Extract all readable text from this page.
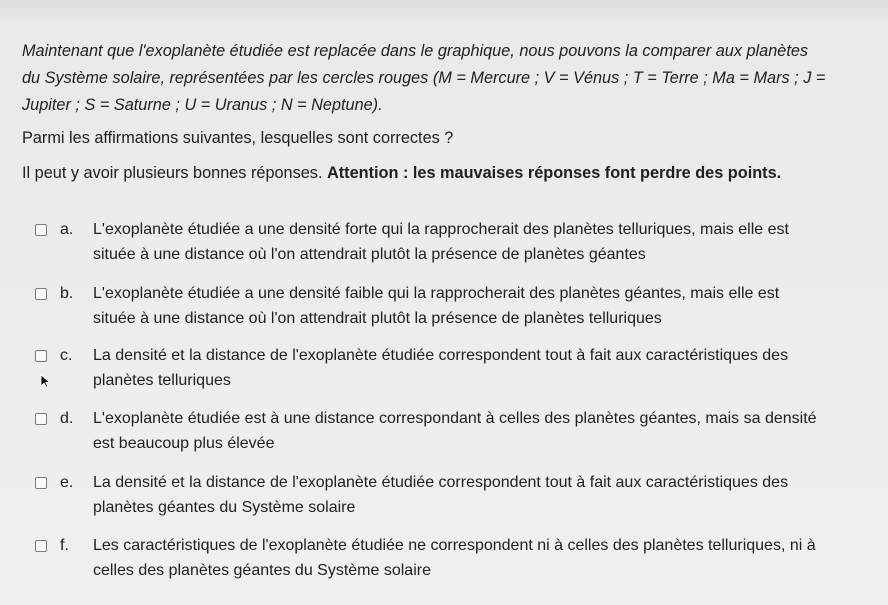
Maintenant que l'exoplanète étudiée est replacée dans le graphique, nous pouvons la comparer aux planètes
du Système solaire, représentées par les cercles rouges (M = Mercure ; V = Vénus ; T = Terre ; Ma = Mars ; J =
Jupiter ; S = Saturne ; U = Uranus ; N = Neptune).
Parmi les affirmations suivantes, lesquelles sont correctes ?
Il peut y avoir plusieurs bonnes réponses. Attention : les mauvaises réponses font perdre des points.
a. L'exoplanète étudiée a une densité forte qui la rapprocherait des planètes telluriques, mais elle est
située à une distance où l'on attendrait plutôt la présence de planètes géantes
b. L'exoplanète étudiée a une densité faible qui la rapprocherait des planètes géantes, mais elle est
située à une distance où l'on attendrait plutôt la présence de planètes telluriques
c. La densité et la distance de l'exoplanète étudiée correspondent tout à fait aux caractéristiques des
planètes telluriques
d. L'exoplanète étudiée est à une distance correspondant à celles des planètes géantes, mais sa densité
est beaucoup plus élevée
e. La densité et la distance de l'exoplanète étudiée correspondent tout à fait aux caractéristiques des
planètes géantes du Système solaire
f. Les caractéristiques de l'exoplanète étudiée ne correspondent ni à celles des planètes telluriques, ni à
celles des planètes géantes du Système solaire
